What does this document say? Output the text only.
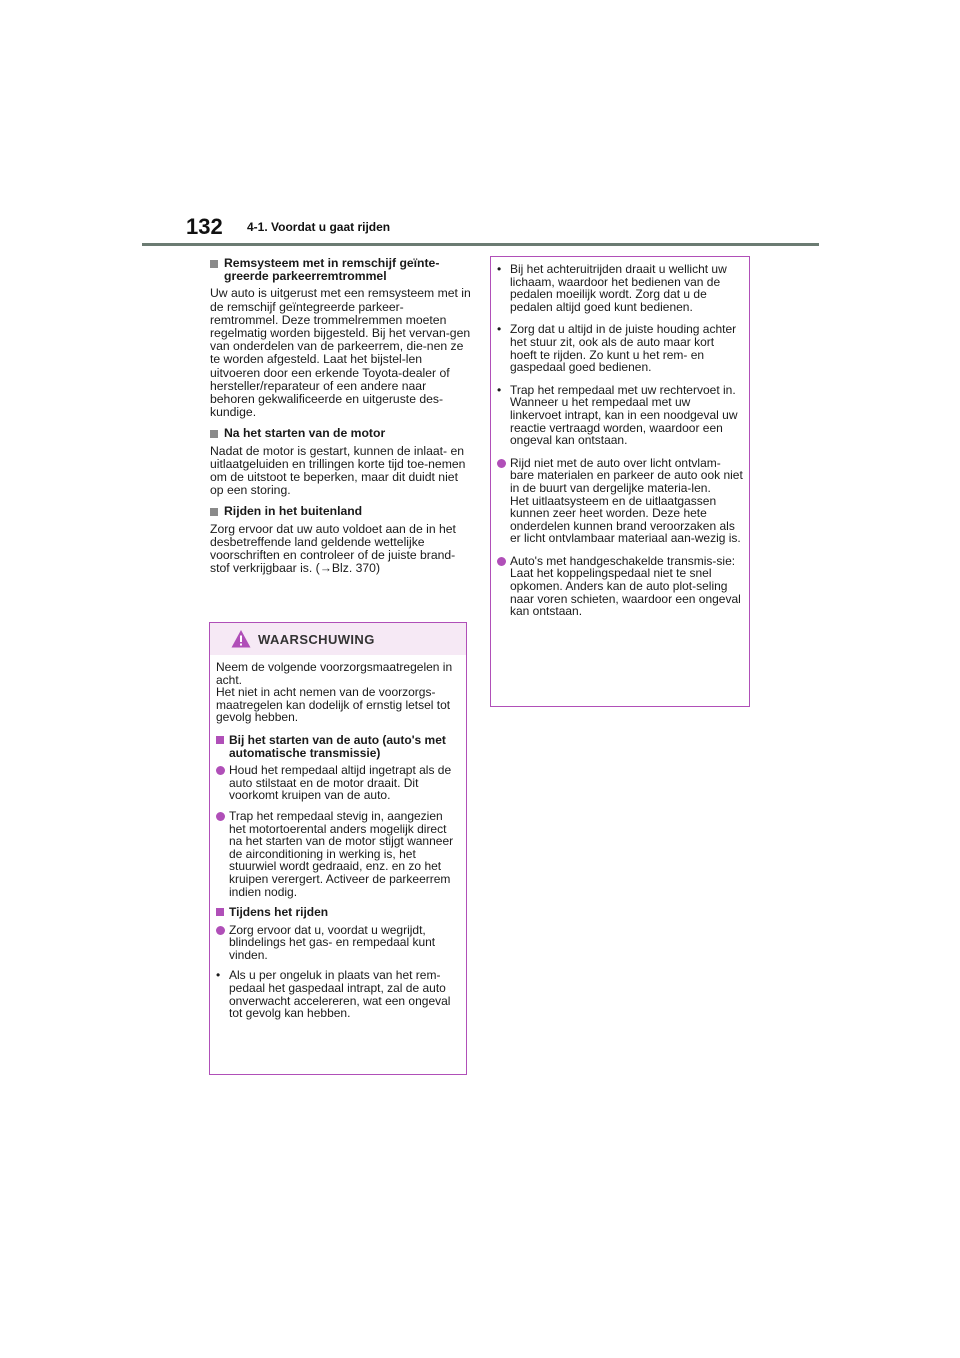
132 4-1. Voordat u gaat rijden
Remsysteem met in remschijf geïnte-greerde parkeerremtrommel

Uw auto is uitgerust met een remsysteem met in de remschijf geïntegreerde parkeer-remtrommel. Deze trommelremmen moeten regelmatig worden bijgesteld. Bij het vervan-gen van onderdelen van de parkeerrem, die-nen ze te worden afgesteld. Laat het bijstel-len uitvoeren door een erkende Toyota-dealer of hersteller/reparateur of een andere naar behoren gekwalificeerde en uitgeruste des-kundige.

Na het starten van de motor

Nadat de motor is gestart, kunnen de inlaat- en uitlaatgeluiden en trillingen korte tijd toe-nemen om de uitstoot te beperken, maar dit duidt niet op een storing.

Rijden in het buitenland

Zorg ervoor dat uw auto voldoet aan de in het desbetreffende land geldende wettelijke voorschriften en controleer of de juiste brand-stof verkrijgbaar is. (→Blz. 370)

WAARSCHUWING
Neem de volgende voorzorgsmaatregelen in acht.
Het niet in acht nemen van de voorzorgs-maatregelen kan dodelijk of ernstig letsel tot gevolg hebben.
Bij het starten van de auto (auto's met automatische transmissie)
Houd het rempedaal altijd ingetrapt als de auto stilstaat en de motor draait. Dit voorkomt kruipen van de auto.
Trap het rempedaal stevig in, aangezien het motortoerental anders mogelijk direct na het starten van de motor stijgt wanneer de airconditioning in werking is, het stuurwiel wordt gedraaid, enz. en zo het kruipen verergert. Activeer de parkeerrem indien nodig.
Tijdens het rijden
Zorg ervoor dat u, voordat u wegrijdt, blindelings het gas- en rempedaal kunt vinden.
• Als u per ongeluk in plaats van het rem-pedaal het gaspedaal intrapt, zal de auto onverwacht accelereren, wat een ongeval tot gevolg kan hebben.
• Bij het achteruitrijden draait u wellicht uw lichaam, waardoor het bedienen van de pedalen moeilijk wordt. Zorg dat u de pedalen altijd goed kunt bedienen.
• Zorg dat u altijd in de juiste houding achter het stuur zit, ook als de auto maar kort hoeft te rijden. Zo kunt u het rem- en gaspedaal goed bedienen.
• Trap het rempedaal met uw rechtervoet in. Wanneer u het rempedaal met uw linkervoet intrapt, kan in een noodgeval uw reactie vertraagd worden, waardoor een ongeval kan ontstaan.
Rijd niet met de auto over licht ontvlam-bare materialen en parkeer de auto ook niet in de buurt van dergelijke materia-len.
Het uitlaatsysteem en de uitlaatgassen kunnen zeer heet worden. Deze hete onderdelen kunnen brand veroorzaken als er licht ontvlambaar materiaal aan-wezig is.
Auto's met handgeschakelde transmis-sie: Laat het koppelingspedaal niet te snel opkomen. Anders kan de auto plot-seling naar voren schieten, waardoor een ongeval kan ontstaan.
